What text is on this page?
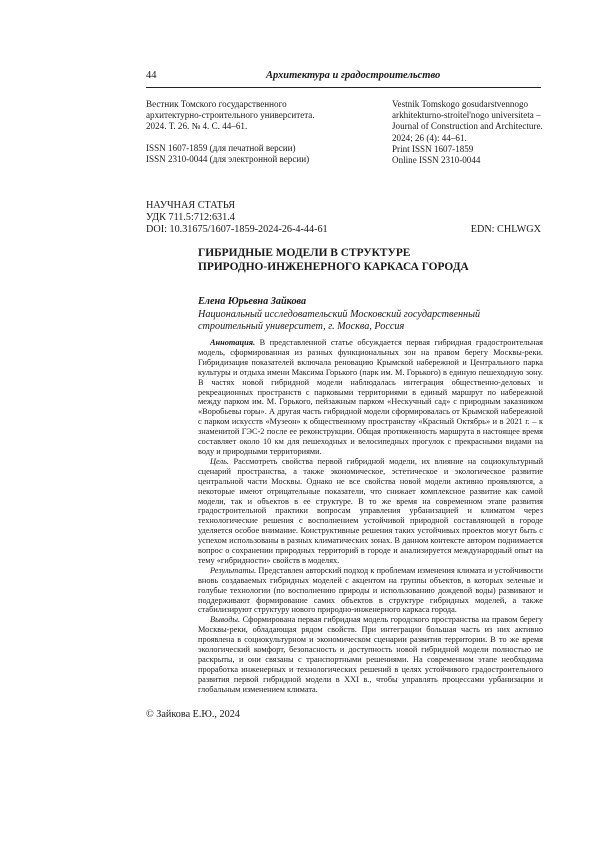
44	Архитектура и градостроительство
Вестник Томского государственного
архитектурно-строительного университета.
2024. Т. 26. № 4. С. 44–61.
ISSN 1607-1859 (для печатной версии)
ISSN 2310-0044 (для электронной версии)
Vestnik Tomskogo gosudarstvennogo
arkhitekturno-stroitel'nogo universiteta –
Journal of Construction and Architecture.
2024; 26 (4): 44–61.
Print ISSN 1607-1859
Online ISSN 2310-0044
НАУЧНАЯ СТАТЬЯ
УДК 711.5:712:631.4
DOI: 10.31675/1607-1859-2024-26-4-44-61	EDN: CHLWGX
ГИБРИДНЫЕ МОДЕЛИ В СТРУКТУРЕ
ПРИРОДНО-ИНЖЕНЕРНОГО КАРКАСА ГОРОДА
Елена Юрьевна Зайкова
Национальный исследовательский Московский государственный
строительный университет, г. Москва, Россия

Аннотация. В представленной статье обсуждается первая гибридная градостроительная модель, сформированная из разных функциональных зон на правом берегу Москвы-реки. Гибридизация показателей включала реновацию Крымской набережной и Центрального парка культуры и отдыха имени Максима Горького (парк им. М. Горького) в единую пешеходную зону. В частях новой гибридной модели наблюдалась интеграция общественно-деловых и рекреационных пространств с парковыми территориями в единый маршрут по набережной между парком им. М. Горького, пейзажным парком «Нескучный сад» с природным заказником «Воробьевы горы». А другая часть гибридной модели сформировалась от Крымской набережной с парком искусств «Музеон» к общественному пространству «Красный Октябрь» и в 2021 г. – к знаменитой ГЭС-2 после ее реконструкции. Общая протяженность маршрута в настоящее время составляет около 10 км для пешеходных и велосипедных прогулок с прекрасными видами на воду и природными территориями.

Цель. Рассмотреть свойства первой гибридной модели, их влияние на социокультурный сценарий пространства, а также экономическое, эстетическое и экологическое развитие центральной части Москвы. Однако не все свойства новой модели активно проявляются, а некоторые имеют отрицательные показатели, что снижает комплексное развитие как самой модели, так и объектов в ее структуре. В то же время на современном этапе развития градостроительной практики вопросам управления урбанизацией и климатом через технологические решения с восполнением устойчивой природной составляющей в городе уделяется особое внимание. Конструктивные решения таких устойчивых проектов могут быть с успехом использованы в разных климатических зонах. В данном контексте автором поднимается вопрос о сохранении природных территорий в городе и анализируется международный опыт на тему «гибридности» свойств в моделях.

Результаты. Представлен авторский подход к проблемам изменения климата и устойчивости вновь создаваемых гибридных моделей с акцентом на группы объектов, в которых зеленые и голубые технологии (по восполнению природы и использованию дождевой воды) развивают и поддерживают формирование самих объектов в структуре гибридных моделей, а также стабилизируют структуру нового природно-инженерного каркаса города.

Выводы. Сформирована первая гибридная модель городского пространства на правом берегу Москвы-реки, обладающая рядом свойств. При интеграции большая часть из них активно проявлена в социокультурном и экономическом сценарии развития территории. В то же время экологический комфорт, безопасность и доступность новой гибридной модели полностью не раскрыты, и они связаны с транспортными решениями. На современном этапе необходима проработка инженерных и технологических решений в целях устойчивого градостроительного развития первой гибридной модели в XXI в., чтобы управлять процессами урбанизации и глобальным изменением климата.

© Зайкова Е.Ю., 2024
